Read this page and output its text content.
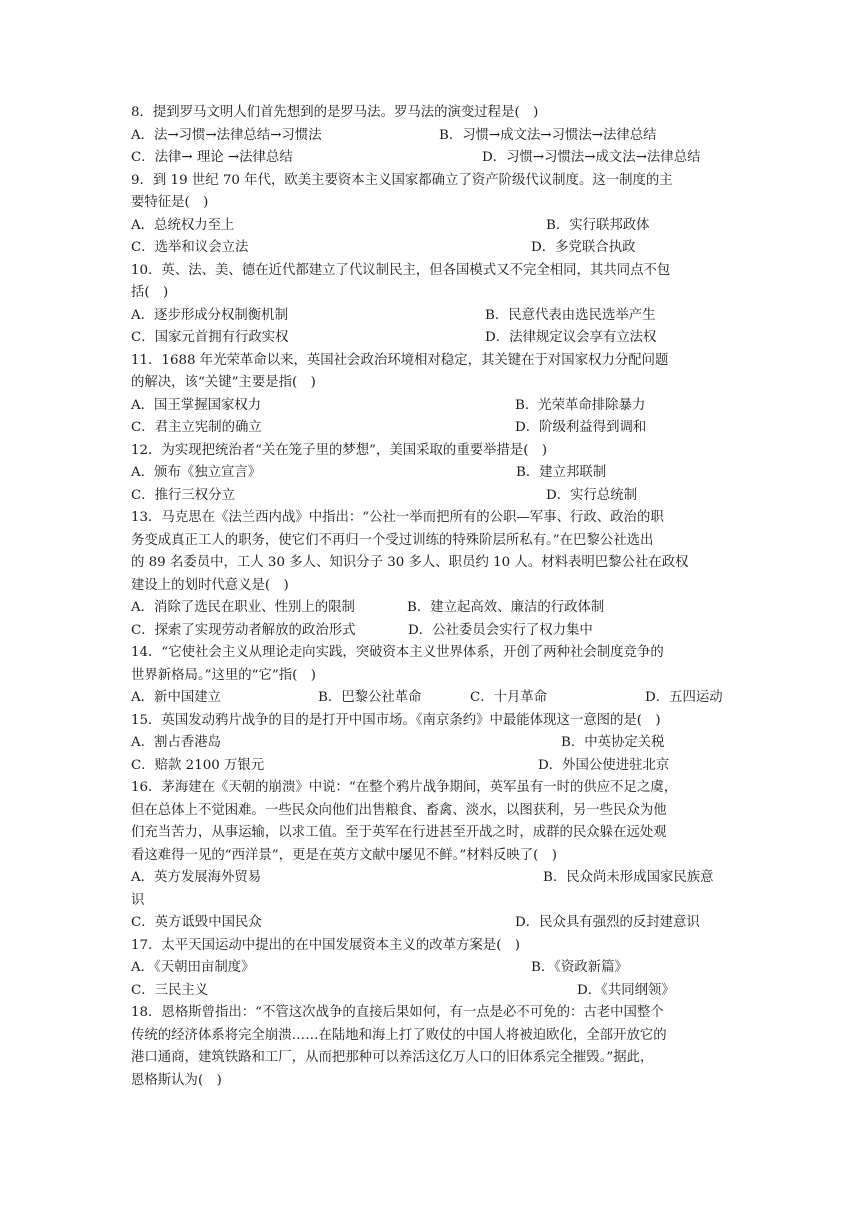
8．提到罗马文明人们首先想到的是罗马法。罗马法的演变过程是(　)
A．法→习惯→法律总结→习惯法	B．习惯→成文法→习惯法→法律总结
C．法律→ 理论 →法律总结	D．习惯→习惯法→成文法→法律总结
9．到 19 世纪 70 年代，欧美主要资本主义国家都确立了资产阶级代议制度。这一制度的主
要特征是(　)
A．总统权力至上	B．实行联邦政体
C．选举和议会立法	D．多党联合执政
10．英、法、美、德在近代都建立了代议制民主，但各国模式又不完全相同，其共同点不包
括(　)
A．逐步形成分权制衡机制	B．民意代表由选民选举产生
C．国家元首拥有行政实权	D．法律规定议会享有立法权
11．1688 年光荣革命以来，英国社会政治环境相对稳定，其关键在于对国家权力分配问题
的解决，该“关键”主要是指(　)
A．国王掌握国家权力	B．光荣革命排除暴力
C．君主立宪制的确立	D．阶级利益得到调和
12．为实现把统治者“关在笼子里的梦想”，美国采取的重要举措是(　)
A．颁布《独立宣言》	B．建立邦联制
C．推行三权分立	D．实行总统制
13．马克思在《法兰西内战》中指出：“公社一举而把所有的公职—军事、行政、政治的职
务变成真正工人的职务，使它们不再归一个受过训练的特殊阶层所私有。”在巴黎公社选出
的 89 名委员中，工人 30 多人、知识分子 30 多人、职员约 10 人。材料表明巴黎公社在政权
建设上的划时代意义是(　)
A．消除了选民在职业、性别上的限制	B．建立起高效、廉洁的行政体制
C．探索了实现劳动者解放的政治形式	D．公社委员会实行了权力集中
14．“它使社会主义从理论走向实践，突破资本主义世界体系，开创了两种社会制度竞争的
世界新格局。”这里的“它”指(　)
A．新中国建立	B．巴黎公社革命	C．十月革命	D．五四运动
15．英国发动鸦片战争的目的是打开中国市场。《南京条约》中最能体现这一意图的是(　)
A．割占香港岛	B．中英协定关税
C．赔款 2100 万银元	D．外国公使进驻北京
16．茅海建在《天朝的崩溃》中说：“在整个鸦片战争期间，英军虽有一时的供应不足之虞，
但在总体上不觉困难。一些民众向他们出售粮食、畜禽、淡水，以图获利，另一些民众为他
们充当苦力，从事运输，以求工值。至于英军在行进甚至开战之时，成群的民众躲在远处观
看这难得一见的“西洋景”，更是在英方文献中屡见不鲜。”材料反映了(　)
A．英方发展海外贸易	B．民众尚未形成国家民族意
识
C．英方诋毁中国民众	D．民众具有强烈的反封建意识
17．太平天国运动中提出的在中国发展资本主义的改革方案是(　)
A．《天朝田亩制度》	B．《资政新篇》
C．三民主义	D．《共同纲领》
18．恩格斯曾指出：“不管这次战争的直接后果如何，有一点是必不可免的：古老中国整个
传统的经济体系将完全崩溃……在陆地和海上打了败仗的中国人将被迫欧化，全部开放它的
港口通商，建筑铁路和工厂，从而把那种可以养活这亿万人口的旧体系完全摧毁。”据此，
恩格斯认为(　)
